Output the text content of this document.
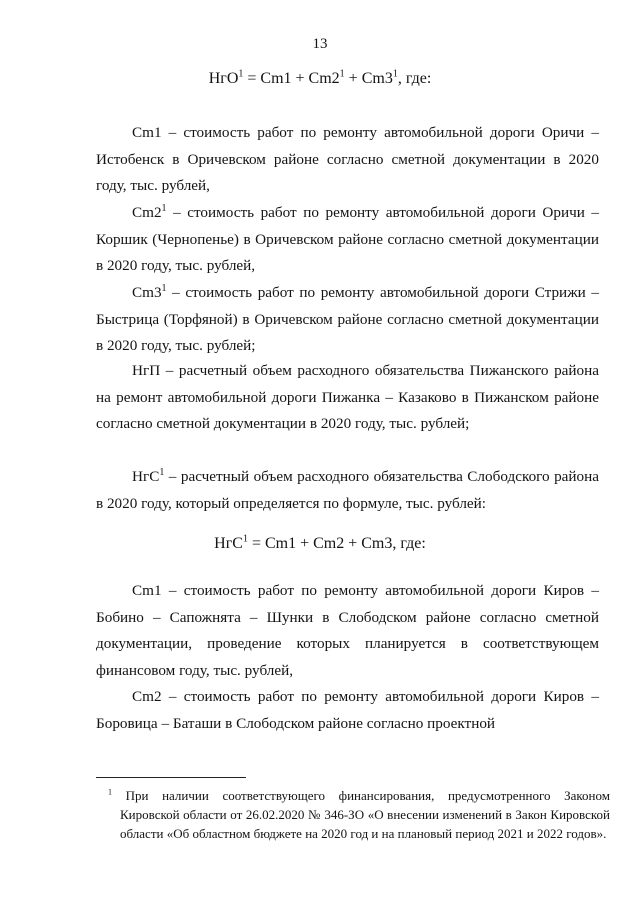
13
$НгО^1 = Cm1 + Cm2^1 + Cm3^1$, где:

Cm1 – стоимость работ по ремонту автомобильной дороги Оричи – Истобенск в Оричевском районе согласно сметной документации в 2020 году, тыс. рублей,

$Cm2^1$ – стоимость работ по ремонту автомобильной дороги Оричи – Коршик (Чернопенье) в Оричевском районе согласно сметной документации в 2020 году, тыс. рублей,

$Cm3^1$ – стоимость работ по ремонту автомобильной дороги Стрижи – Быстрица (Торфяной) в Оричевском районе согласно сметной документации в 2020 году, тыс. рублей;

НгП – расчетный объем расходного обязательства Пижанского района на ремонт автомобильной дороги Пижанка – Казаково в Пижанском районе согласно сметной документации в 2020 году, тыс. рублей;

НгС$^1$ – расчетный объем расходного обязательства Слободского района в 2020 году, который определяется по формуле, тыс. рублей:

НгС$^1$ = Cm1 + Cm2 + Cm3, где:

Cm1 – стоимость работ по ремонту автомобильной дороги Киров – Бобино – Сапожнята – Шунки в Слободском районе согласно сметной документации, проведение которых планируется в соответствующем финансовом году, тыс. рублей,

Cm2 – стоимость работ по ремонту автомобильной дороги Киров – Боровица – Баташи в Слободском районе согласно проектной

$^1$ При наличии соответствующего финансирования, предусмотренного Законом Кировской области от 26.02.2020 № 346-ЗО «О внесении изменений в Закон Кировской области «Об областном бюджете на 2020 год и на плановый период 2021 и 2022 годов».
